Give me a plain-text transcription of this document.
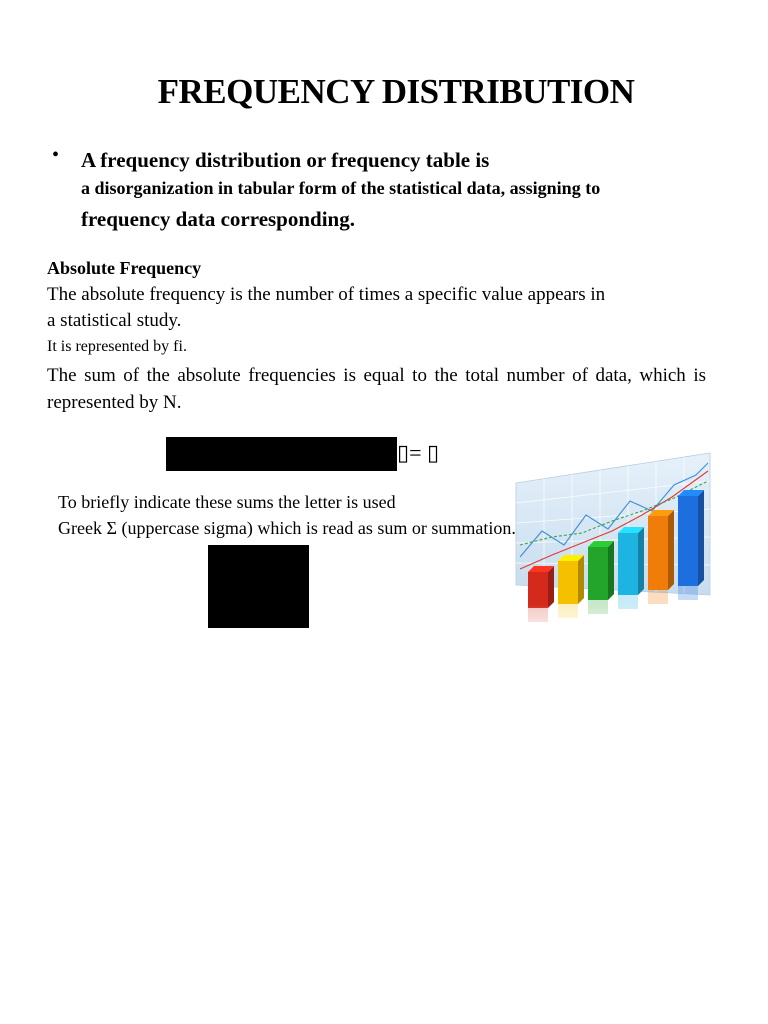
FREQUENCY DISTRIBUTION
• A frequency distribution or frequency table is
a disorganization in tabular form of the statistical data, assigning to
frequency data corresponding.
Absolute Frequency
The absolute frequency is the number of times a specific value appears in
a statistical study.
It is represented by fi.
The sum of the absolute frequencies is equal to the total number of data, which is represented by N.
▯= ▯
To briefly indicate these sums the letter is used
Greek Σ (uppercase sigma) which is read as sum or summation.
